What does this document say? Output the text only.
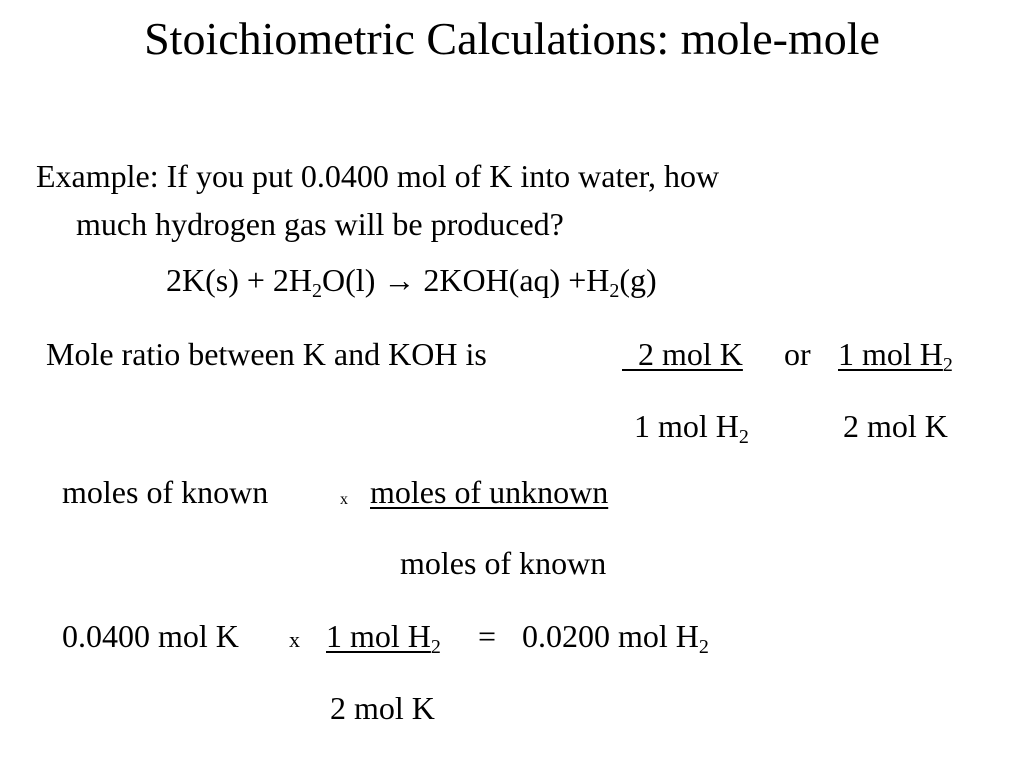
Stoichiometric Calculations: mole-mole
Example: If you put 0.0400 mol of K into water, how
much hydrogen gas will be produced?
$2K(s) + 2H_2O(l) \to 2KOH(aq) +H_2(g)$
Mole ratio between K and KOH is	2 mol K or 1 mol $H_2$
1 mol $H_2$	2 mol K
moles of known	x moles of unknown
moles of known
0.0400 mol K x 1 mol $H_2 = 0.0200$ mol $H_2$
2 mol K
